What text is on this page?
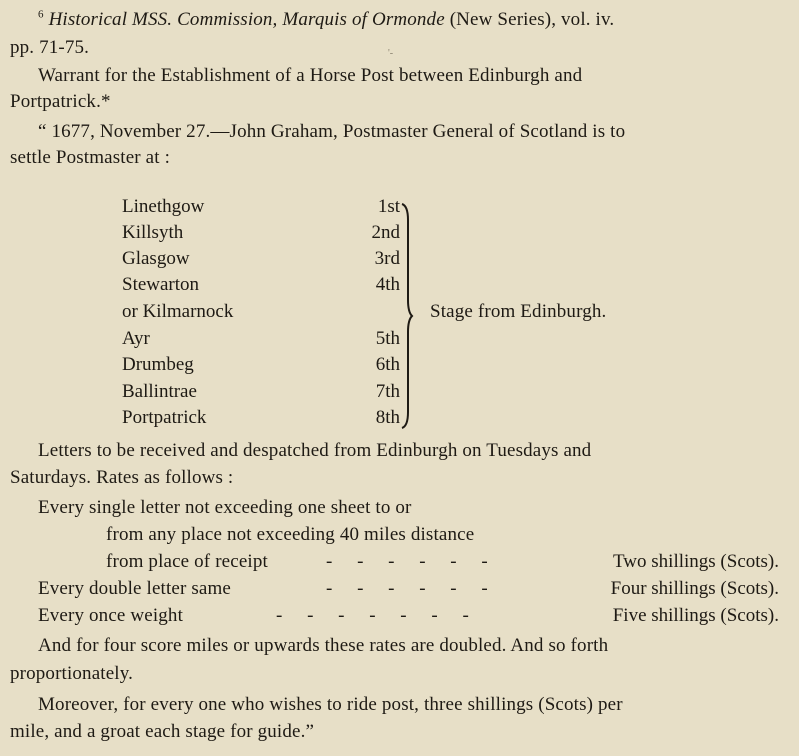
$^6$ Historical MSS. Commission, Marquis of Ormonde (New Series), vol. iv.
pp. 71-75.	'-
Warrant for the Establishment of a Horse Post between Edinburgh and
Portpatrick.*
“ 1677, November 27.—John Graham, Postmaster General of Scotland is to
settle Postmaster at :
Linethgow	1st
Killsyth	2nd
Glasgow	3rd
Stewarton	4th
or Kilmarnock
Ayr	5th
Drumbeg	6th
Ballintrae	7th
Portpatrick	8th
Stage from Edinburgh.
Letters to be received and despatched from Edinburgh on Tuesdays and
Saturdays. Rates as follows :
Every single letter not exceeding one sheet to or
from any place not exceeding 40 miles distance
from place of receipt	- - - - - -	Two shillings (Scots).
Every double letter same	- - - - - -	Four shillings (Scots).
Every once weight	- - - - - - -	Five shillings (Scots).
And for four score miles or upwards these rates are doubled. And so forth
proportionately.
Moreover, for every one who wishes to ride post, three shillings (Scots) per
mile, and a groat each stage for guide.”
